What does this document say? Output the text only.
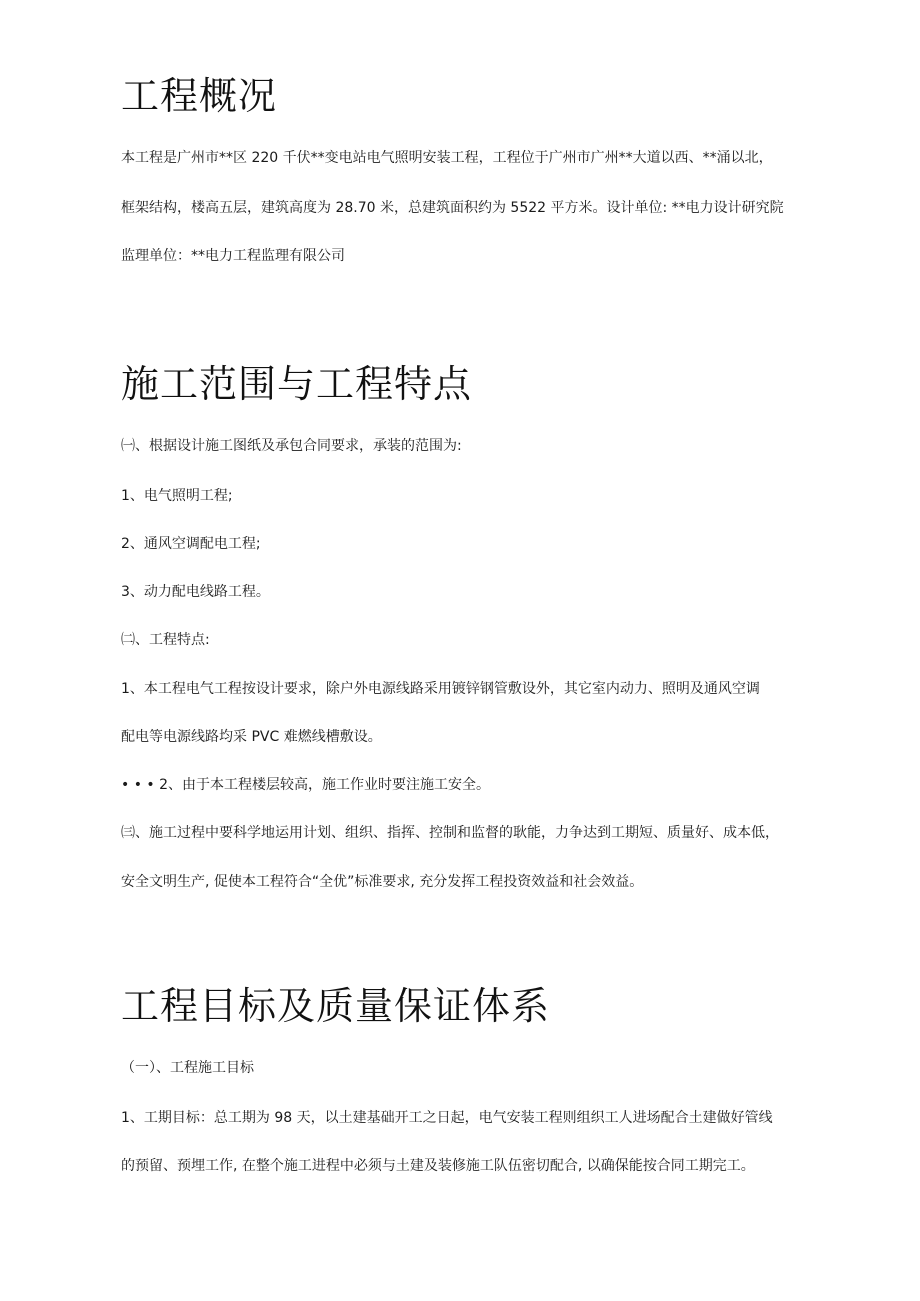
工程概况

本工程是广州市**区 220 千伏**变电站电气照明安装工程，工程位于广州市广州**大道以西、**涌以北，

框架结构，楼高五层，建筑高度为 28.70 米，总建筑面积约为 5522 平方米。设计单位: **电力设计研究院

监理单位：**电力工程监理有限公司

施工范围与工程特点

㈠、根据设计施工图纸及承包合同要求，承装的范围为:

1、电气照明工程;

2、通风空调配电工程;

3、动力配电线路工程。

㈡、工程特点:

1、本工程电气工程按设计要求，除户外电源线路采用镀锌钢管敷设外，其它室内动力、照明及通风空调

配电等电源线路均采 PVC 难燃线槽敷设。

• • • 2、由于本工程楼层较高，施工作业时要注施工安全。

㈢、施工过程中要科学地运用计划、组织、指挥、控制和监督的耿能，力争达到工期短、质量好、成本低，

安全文明生产, 促使本工程符合“全优”标准要求, 充分发挥工程投资效益和社会效益。

工程目标及质量保证体系

（一）、工程施工目标

1、工期目标：总工期为 98 天，以土建基础开工之日起，电气安装工程则组织工人进场配合土建做好管线

的预留、预埋工作, 在整个施工进程中必须与土建及装修施工队伍密切配合, 以确保能按合同工期完工。
